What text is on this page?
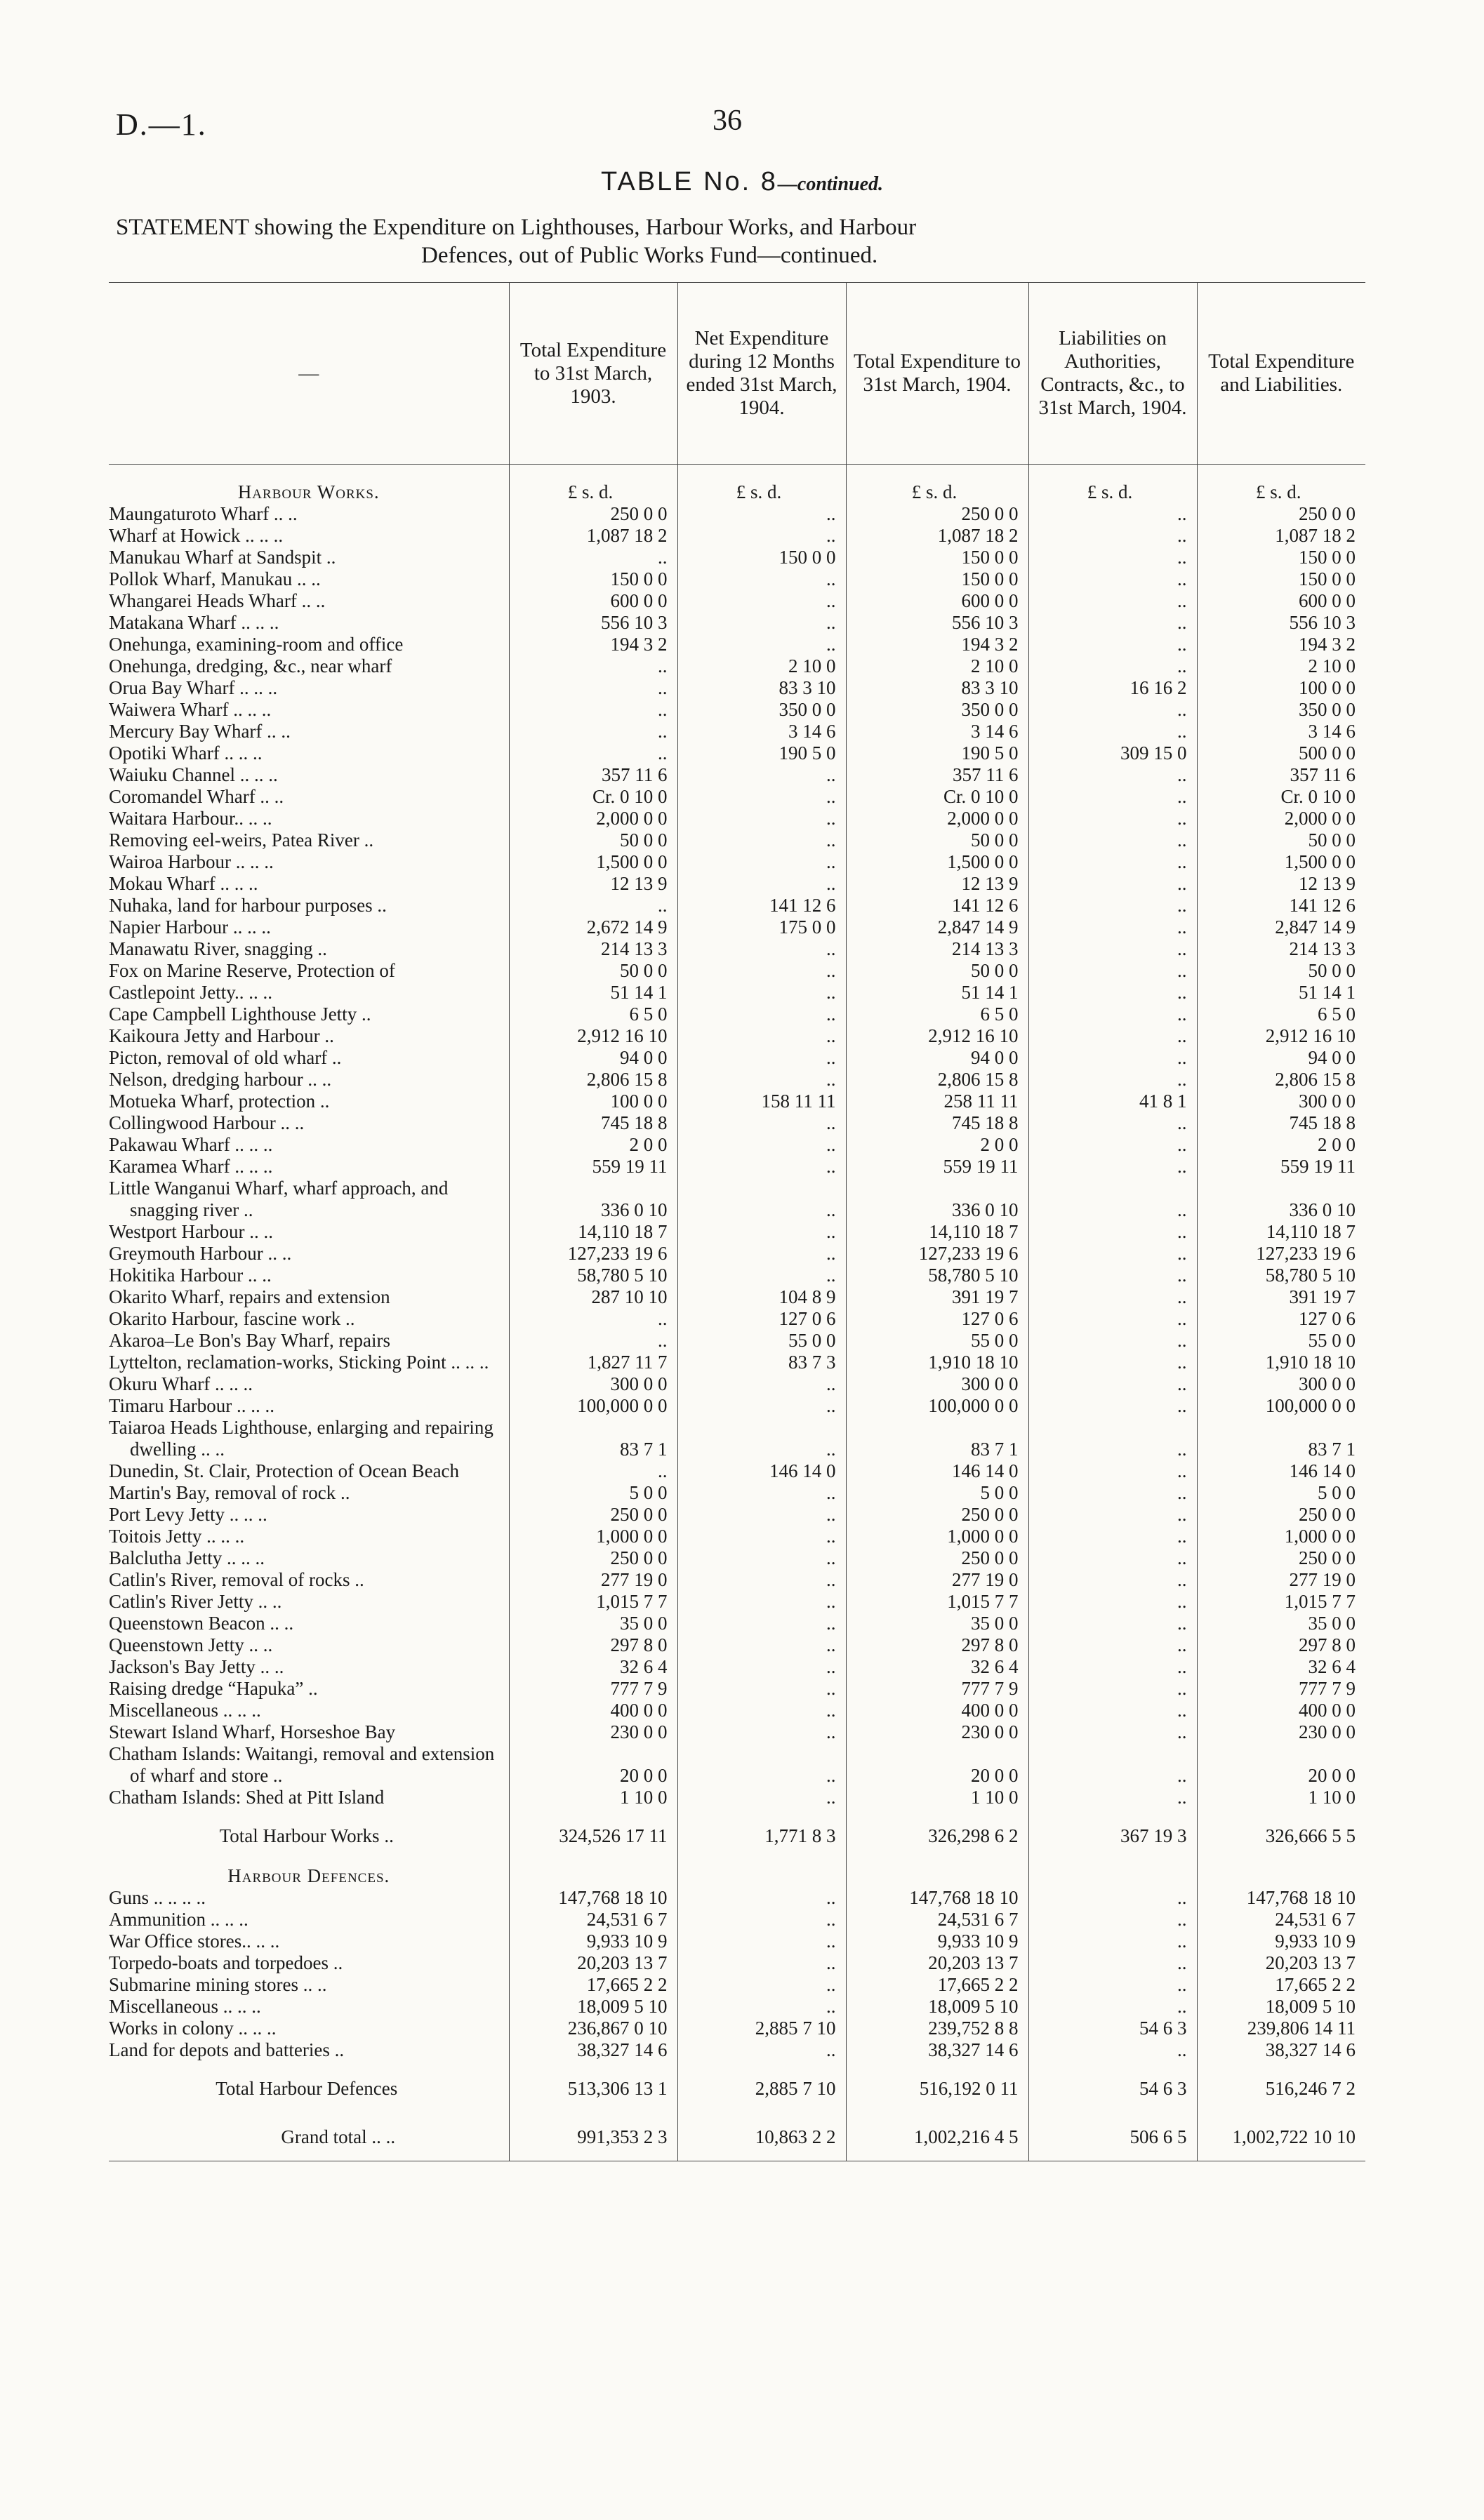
D.—1.	36
TABLE No. 8—continued.
STATEMENT showing the Expenditure on Lighthouses, Harbour Works, and Harbour
Defences, out of Public Works Fund—continued.
—	Total Expenditure to 31st March, 1903.	Net Expenditure during 12 Months ended 31st March, 1904.	Total Expenditure to 31st March, 1904.	Liabilities on Authorities, Contracts, &c., to 31st March, 1904.	Total Expenditure and Liabilities.
Harbour Works.	£ s. d.	£ s. d.	£ s. d.	£ s. d.	£ s. d.
Maungaturoto Wharf .. ..	250 0 0	..	250 0 0	..	250 0 0
Wharf at Howick .. .. ..	1,087 18 2	..	1,087 18 2	..	1,087 18 2
Manukau Wharf at Sandspit ..	..	150 0 0	150 0 0	..	150 0 0
Pollok Wharf, Manukau .. ..	150 0 0	..	150 0 0	..	150 0 0
Whangarei Heads Wharf .. ..	600 0 0	..	600 0 0	..	600 0 0
Matakana Wharf .. .. ..	556 10 3	..	556 10 3	..	556 10 3
Onehunga, examining-room and office	194 3 2	..	194 3 2	..	194 3 2
Onehunga, dredging, &c., near wharf	..	2 10 0	2 10 0	..	2 10 0
Orua Bay Wharf .. .. ..	..	83 3 10	83 3 10	16 16 2	100 0 0
Waiwera Wharf .. .. ..	..	350 0 0	350 0 0	..	350 0 0
Mercury Bay Wharf .. ..	..	3 14 6	3 14 6	..	3 14 6
Opotiki Wharf .. .. ..	..	190 5 0	190 5 0	309 15 0	500 0 0
Waiuku Channel .. .. ..	357 11 6	..	357 11 6	..	357 11 6
Coromandel Wharf .. ..	Cr. 0 10 0	..	Cr. 0 10 0	..	Cr. 0 10 0
Waitara Harbour.. .. ..	2,000 0 0	..	2,000 0 0	..	2,000 0 0
Removing eel-weirs, Patea River ..	50 0 0	..	50 0 0	..	50 0 0
Wairoa Harbour .. .. ..	1,500 0 0	..	1,500 0 0	..	1,500 0 0
Mokau Wharf .. .. ..	12 13 9	..	12 13 9	..	12 13 9
Nuhaka, land for harbour purposes ..	..	141 12 6	141 12 6	..	141 12 6
Napier Harbour .. .. ..	2,672 14 9	175 0 0	2,847 14 9	..	2,847 14 9
Manawatu River, snagging ..	214 13 3	..	214 13 3	..	214 13 3
Fox on Marine Reserve, Protection of	50 0 0	..	50 0 0	..	50 0 0
Castlepoint Jetty.. .. ..	51 14 1	..	51 14 1	..	51 14 1
Cape Campbell Lighthouse Jetty ..	6 5 0	..	6 5 0	..	6 5 0
Kaikoura Jetty and Harbour ..	2,912 16 10	..	2,912 16 10	..	2,912 16 10
Picton, removal of old wharf ..	94 0 0	..	94 0 0	..	94 0 0
Nelson, dredging harbour .. ..	2,806 15 8	..	2,806 15 8	..	2,806 15 8
Motueka Wharf, protection ..	100 0 0	158 11 11	258 11 11	41 8 1	300 0 0
Collingwood Harbour .. ..	745 18 8	..	745 18 8	..	745 18 8
Pakawau Wharf .. .. ..	2 0 0	..	2 0 0	..	2 0 0
Karamea Wharf .. .. ..	559 19 11	..	559 19 11	..	559 19 11
Little Wanganui Wharf, wharf approach, and snagging river ..	336 0 10	..	336 0 10	..	336 0 10
Westport Harbour .. ..	14,110 18 7	..	14,110 18 7	..	14,110 18 7
Greymouth Harbour .. ..	127,233 19 6	..	127,233 19 6	..	127,233 19 6
Hokitika Harbour .. ..	58,780 5 10	..	58,780 5 10	..	58,780 5 10
Okarito Wharf, repairs and extension	287 10 10	104 8 9	391 19 7	..	391 19 7
Okarito Harbour, fascine work ..	..	127 0 6	127 0 6	..	127 0 6
Akaroa–Le Bon's Bay Wharf, repairs	..	55 0 0	55 0 0	..	55 0 0
Lyttelton, reclamation-works, Sticking Point .. .. ..	1,827 11 7	83 7 3	1,910 18 10	..	1,910 18 10
Okuru Wharf .. .. ..	300 0 0	..	300 0 0	..	300 0 0
Timaru Harbour .. .. ..	100,000 0 0	..	100,000 0 0	..	100,000 0 0
Taiaroa Heads Lighthouse, enlarging and repairing dwelling .. ..	83 7 1	..	83 7 1	..	83 7 1
Dunedin, St. Clair, Protection of Ocean Beach	..	146 14 0	146 14 0	..	146 14 0
Martin's Bay, removal of rock ..	5 0 0	..	5 0 0	..	5 0 0
Port Levy Jetty .. .. ..	250 0 0	..	250 0 0	..	250 0 0
Toitois Jetty .. .. ..	1,000 0 0	..	1,000 0 0	..	1,000 0 0
Balclutha Jetty .. .. ..	250 0 0	..	250 0 0	..	250 0 0
Catlin's River, removal of rocks ..	277 19 0	..	277 19 0	..	277 19 0
Catlin's River Jetty .. ..	1,015 7 7	..	1,015 7 7	..	1,015 7 7
Queenstown Beacon .. ..	35 0 0	..	35 0 0	..	35 0 0
Queenstown Jetty .. ..	297 8 0	..	297 8 0	..	297 8 0
Jackson's Bay Jetty .. ..	32 6 4	..	32 6 4	..	32 6 4
Raising dredge “Hapuka” ..	777 7 9	..	777 7 9	..	777 7 9
Miscellaneous .. .. ..	400 0 0	..	400 0 0	..	400 0 0
Stewart Island Wharf, Horseshoe Bay	230 0 0	..	230 0 0	..	230 0 0
Chatham Islands: Waitangi, removal and extension of wharf and store ..	20 0 0	..	20 0 0	..	20 0 0
Chatham Islands: Shed at Pitt Island	1 10 0	..	1 10 0	..	1 10 0
Total Harbour Works ..	324,526 17 11	1,771 8 3	326,298 6 2	367 19 3	326,666 5 5
Harbour Defences.					
Guns .. .. .. ..	147,768 18 10	..	147,768 18 10	..	147,768 18 10
Ammunition .. .. ..	24,531 6 7	..	24,531 6 7	..	24,531 6 7
War Office stores.. .. ..	9,933 10 9	..	9,933 10 9	..	9,933 10 9
Torpedo-boats and torpedoes ..	20,203 13 7	..	20,203 13 7	..	20,203 13 7
Submarine mining stores .. ..	17,665 2 2	..	17,665 2 2	..	17,665 2 2
Miscellaneous .. .. ..	18,009 5 10	..	18,009 5 10	..	18,009 5 10
Works in colony .. .. ..	236,867 0 10	2,885 7 10	239,752 8 8	54 6 3	239,806 14 11
Land for depots and batteries ..	38,327 14 6	..	38,327 14 6	..	38,327 14 6
Total Harbour Defences	513,306 13 1	2,885 7 10	516,192 0 11	54 6 3	516,246 7 2
Grand total .. ..	991,353 2 3	10,863 2 2	1,002,216 4 5	506 6 5	1,002,722 10 10
